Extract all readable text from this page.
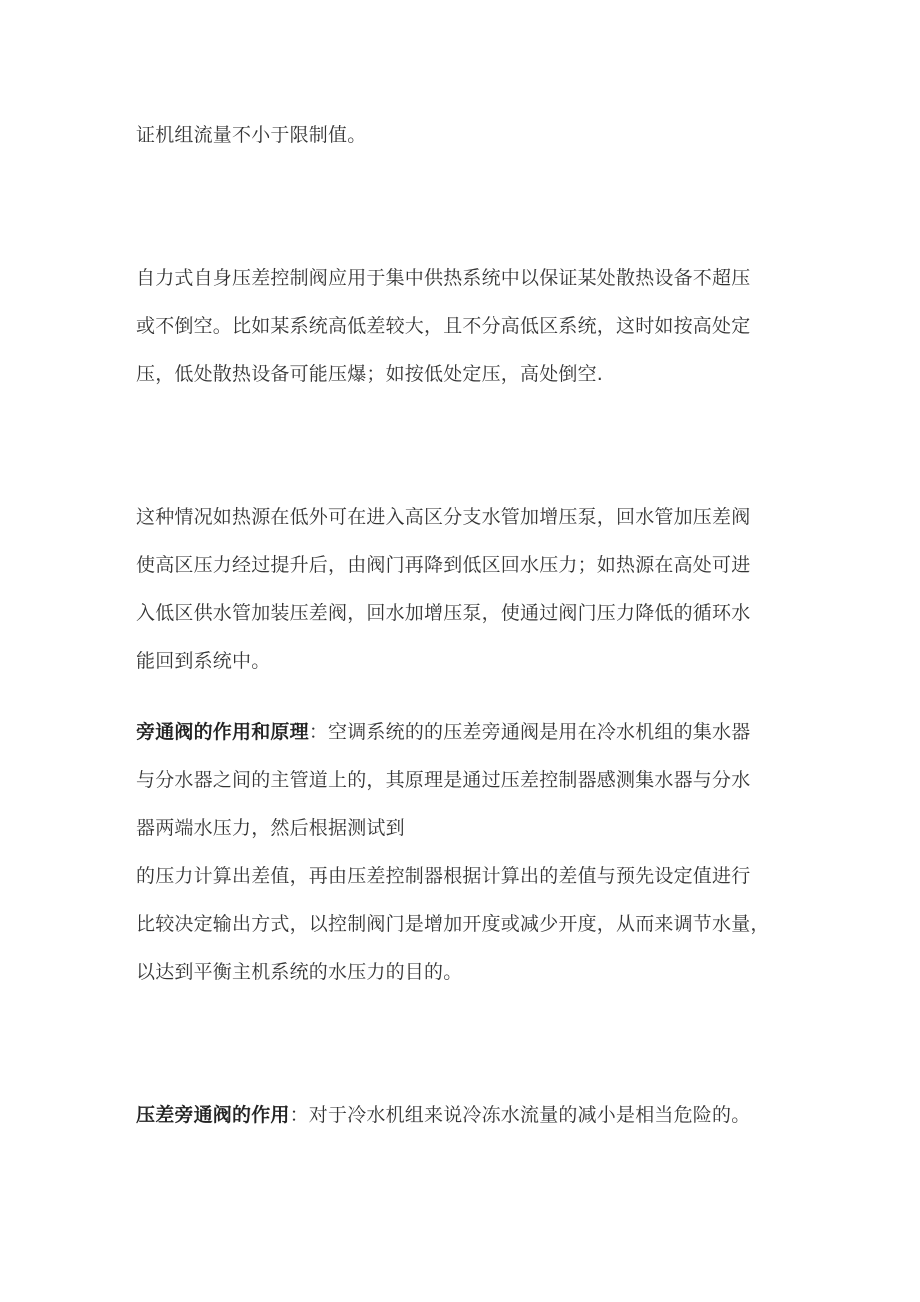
证机组流量不小于限制值。
自力式自身压差控制阀应用于集中供热系统中以保证某处散热设备不超压
或不倒空。比如某系统高低差较大，且不分高低区系统，这时如按高处定
压，低处散热设备可能压爆；如按低处定压，高处倒空.
这种情况如热源在低外可在进入高区分支水管加增压泵，回水管加压差阀
使高区压力经过提升后，由阀门再降到低区回水压力；如热源在高处可进
入低区供水管加装压差阀，回水加增压泵，使通过阀门压力降低的循环水
能回到系统中。
旁通阀的作用和原理：空调系统的的压差旁通阀是用在冷水机组的集水器
与分水器之间的主管道上的，其原理是通过压差控制器感测集水器与分水
器两端水压力，然后根据测试到
的压力计算出差值，再由压差控制器根据计算出的差值与预先设定值进行
比较决定输出方式，以控制阀门是增加开度或减少开度，从而来调节水量，
以达到平衡主机系统的水压力的目的。
压差旁通阀的作用：对于冷水机组来说冷冻水流量的减小是相当危险的。
